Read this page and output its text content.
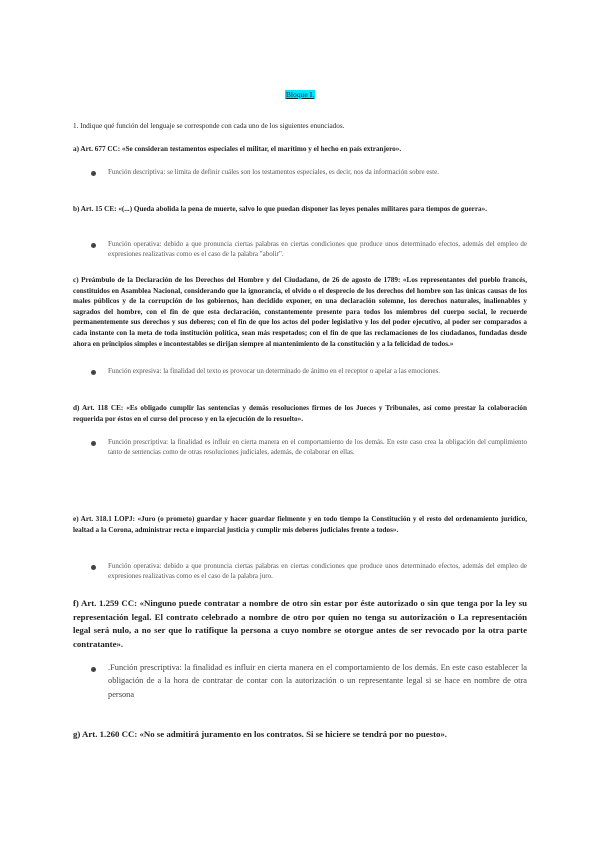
Bloque I.
1. Indique qué función del lenguaje se corresponde con cada uno de los siguientes enunciados.
a) Art. 677 CC: «Se consideran testamentos especiales el militar, el marítimo y el hecho en país extranjero».
Función descriptiva: se limita de definir cuáles son los testamentos especiales, es decir, nos da información sobre este.
b) Art. 15 CE: «(...) Queda abolida la pena de muerte, salvo lo que puedan disponer las leyes penales militares para tiempos de guerra».
Función operativa: debido a que pronuncia ciertas palabras en ciertas condiciones que produce unos determinado efectos, además del empleo de expresiones realizativas como es el caso de la palabra "abolir".
c) Preámbulo de la Declaración de los Derechos del Hombre y del Ciudadano, de 26 de agosto de 1789: «Los representantes del pueblo francés, constituidos en Asamblea Nacional, considerando que la ignorancia, el olvido o el desprecio de los derechos del hombre son las únicas causas de los males públicos y de la corrupción de los gobiernos, han decidido exponer, en una declaración solemne, los derechos naturales, inalienables y sagrados del hombre, con el fin de que esta declaración, constantemente presente para todos los miembros del cuerpo social, le recuerde permanentemente sus derechos y sus deberes; con el fin de que los actos del poder legislativo y los del poder ejecutivo, al poder ser comparados a cada instante con la meta de toda institución política, sean más respetados; con el fin de que las reclamaciones de los ciudadanos, fundadas desde ahora en principios simples e incontestables se dirijan siempre al mantenimiento de la constitución y a la felicidad de todos.»
Función expresiva: la finalidad del texto es provocar un determinado de ánimo en el receptor o apelar a las emociones.
d) Art. 118 CE: «Es obligado cumplir las sentencias y demás resoluciones firmes de los Jueces y Tribunales, así como prestar la colaboración requerida por éstos en el curso del proceso y en la ejecución de lo resuelto».
Función prescriptiva: la finalidad es influir en cierta manera en el comportamiento de los demás. En este caso crea la obligación del cumplimiento tanto de sentencias como de otras resoluciones judiciales, además, de colaborar en ellas.
e) Art. 318.1 LOPJ: «Juro (o prometo) guardar y hacer guardar fielmente y en todo tiempo la Constitución y el resto del ordenamiento jurídico, lealtad a la Corona, administrar recta e imparcial justicia y cumplir mis deberes judiciales frente a todos».
Función operativa: debido a que pronuncia ciertas palabras en ciertas condiciones que produce unos determinado efectos, además del empleo de expresiones realizativas como es el caso de la palabra juro.
f) Art. 1.259 CC: «Ninguno puede contratar a nombre de otro sin estar por éste autorizado o sin que tenga por la ley su representación legal. El contrato celebrado a nombre de otro por quien no tenga su autorización o La representación legal será nulo, a no ser que lo ratifique la persona a cuyo nombre se otorgue antes de ser revocado por la otra parte contratante».
.Función prescriptiva: la finalidad es influir en cierta manera en el comportamiento de los demás. En este caso establecer la obligación de a la hora de contratar de contar con la autorización o un representante legal si se hace en nombre de otra persona
g) Art. 1.260 CC: «No se admitirá juramento en los contratos. Si se hiciere se tendrá por no puesto».
